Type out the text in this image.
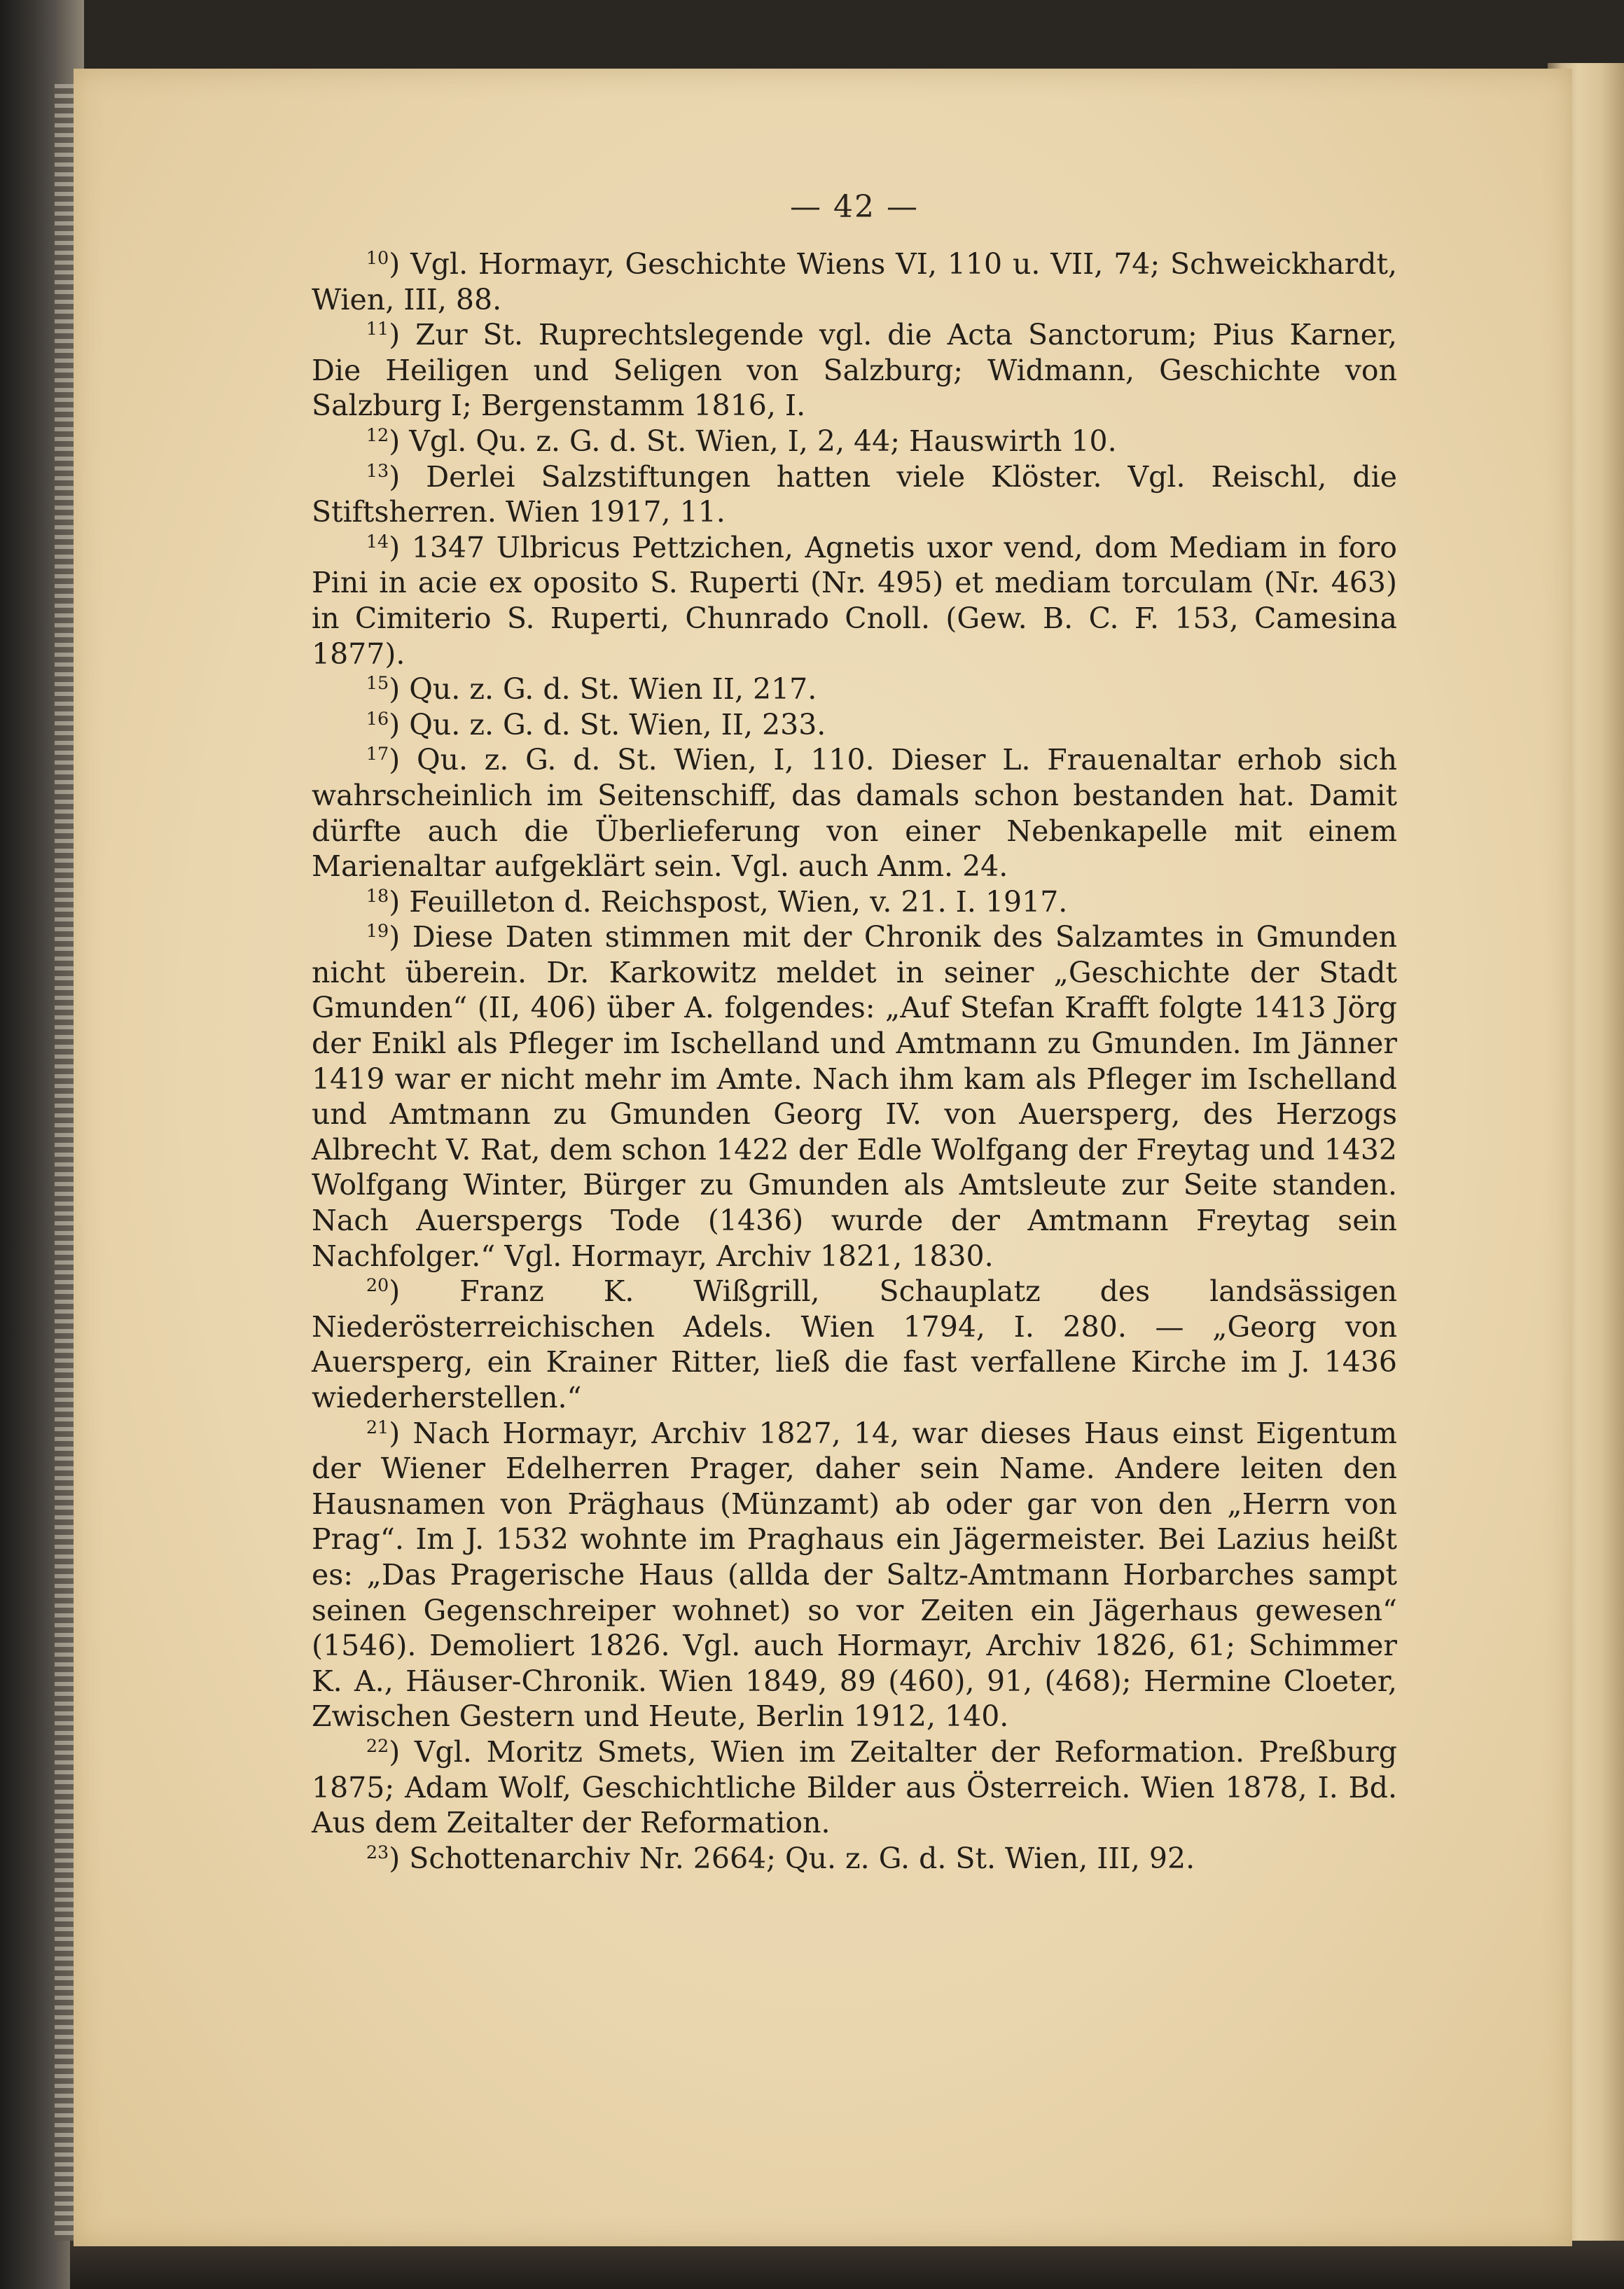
— 42 —

$^{10}$) Vgl. Hormayr, Geschichte Wiens VI, 110 u. VII, 74; Schweickhardt, Wien, III, 88.

$^{11}$) Zur St. Ruprechtslegende vgl. die Acta Sanctorum; Pius Karner, Die Heiligen und Seligen von Salzburg; Widmann, Geschichte von Salzburg I; Bergenstamm 1816, I.

$^{12}$) Vgl. Qu. z. G. d. St. Wien, I, 2, 44; Hauswirth 10.

$^{13}$) Derlei Salzstiftungen hatten viele Klöster. Vgl. Reischl, die Stiftsherren. Wien 1917, 11.

$^{14}$) 1347 Ulbricus Pettzichen, Agnetis uxor vend, dom Mediam in foro Pini in acie ex oposito S. Ruperti (Nr. 495) et mediam torculam (Nr. 463) in Cimiterio S. Ruperti, Chunrado Cnoll. (Gew. B. C. F. 153, Camesina 1877).

$^{15}$) Qu. z. G. d. St. Wien II, 217.

$^{16}$) Qu. z. G. d. St. Wien, II, 233.

$^{17}$) Qu. z. G. d. St. Wien, I, 110. Dieser L. Frauenaltar erhob sich wahrscheinlich im Seitenschiff, das damals schon bestanden hat. Damit dürfte auch die Überlieferung von einer Nebenkapelle mit einem Marienaltar aufgeklärt sein. Vgl. auch Anm. 24.

$^{18}$) Feuilleton d. Reichspost, Wien, v. 21. I. 1917.

$^{19}$) Diese Daten stimmen mit der Chronik des Salzamtes in Gmunden nicht überein. Dr. Karkowitz meldet in seiner „Geschichte der Stadt Gmunden“ (II, 406) über A. folgendes: „Auf Stefan Krafft folgte 1413 Jörg der Enikl als Pfleger im Ischelland und Amtmann zu Gmunden. Im Jänner 1419 war er nicht mehr im Amte. Nach ihm kam als Pfleger im Ischelland und Amtmann zu Gmunden Georg IV. von Auersperg, des Herzogs Albrecht V. Rat, dem schon 1422 der Edle Wolfgang der Freytag und 1432 Wolfgang Winter, Bürger zu Gmunden als Amtsleute zur Seite standen. Nach Auerspergs Tode (1436) wurde der Amtmann Freytag sein Nachfolger.“ Vgl. Hormayr, Archiv 1821, 1830.

$^{20}$) Franz K. Wißgrill, Schauplatz des landsässigen Niederösterreichischen Adels. Wien 1794, I. 280. — „Georg von Auersperg, ein Krainer Ritter, ließ die fast verfallene Kirche im J. 1436 wiederherstellen.“

$^{21}$) Nach Hormayr, Archiv 1827, 14, war dieses Haus einst Eigentum der Wiener Edelherren Prager, daher sein Name. Andere leiten den Hausnamen von Präghaus (Münzamt) ab oder gar von den „Herrn von Prag“. Im J. 1532 wohnte im Praghaus ein Jägermeister. Bei Lazius heißt es: „Das Pragerische Haus (allda der Saltz-Amtmann Horbarches sampt seinen Gegenschreiper wohnet) so vor Zeiten ein Jägerhaus gewesen“ (1546). Demoliert 1826. Vgl. auch Hormayr, Archiv 1826, 61; Schimmer K. A., Häuser-Chronik. Wien 1849, 89 (460), 91, (468); Hermine Cloeter, Zwischen Gestern und Heute, Berlin 1912, 140.

$^{22}$) Vgl. Moritz Smets, Wien im Zeitalter der Reformation. Preßburg 1875; Adam Wolf, Geschichtliche Bilder aus Österreich. Wien 1878, I. Bd. Aus dem Zeitalter der Reformation.

$^{23}$) Schottenarchiv Nr. 2664; Qu. z. G. d. St. Wien, III, 92.
